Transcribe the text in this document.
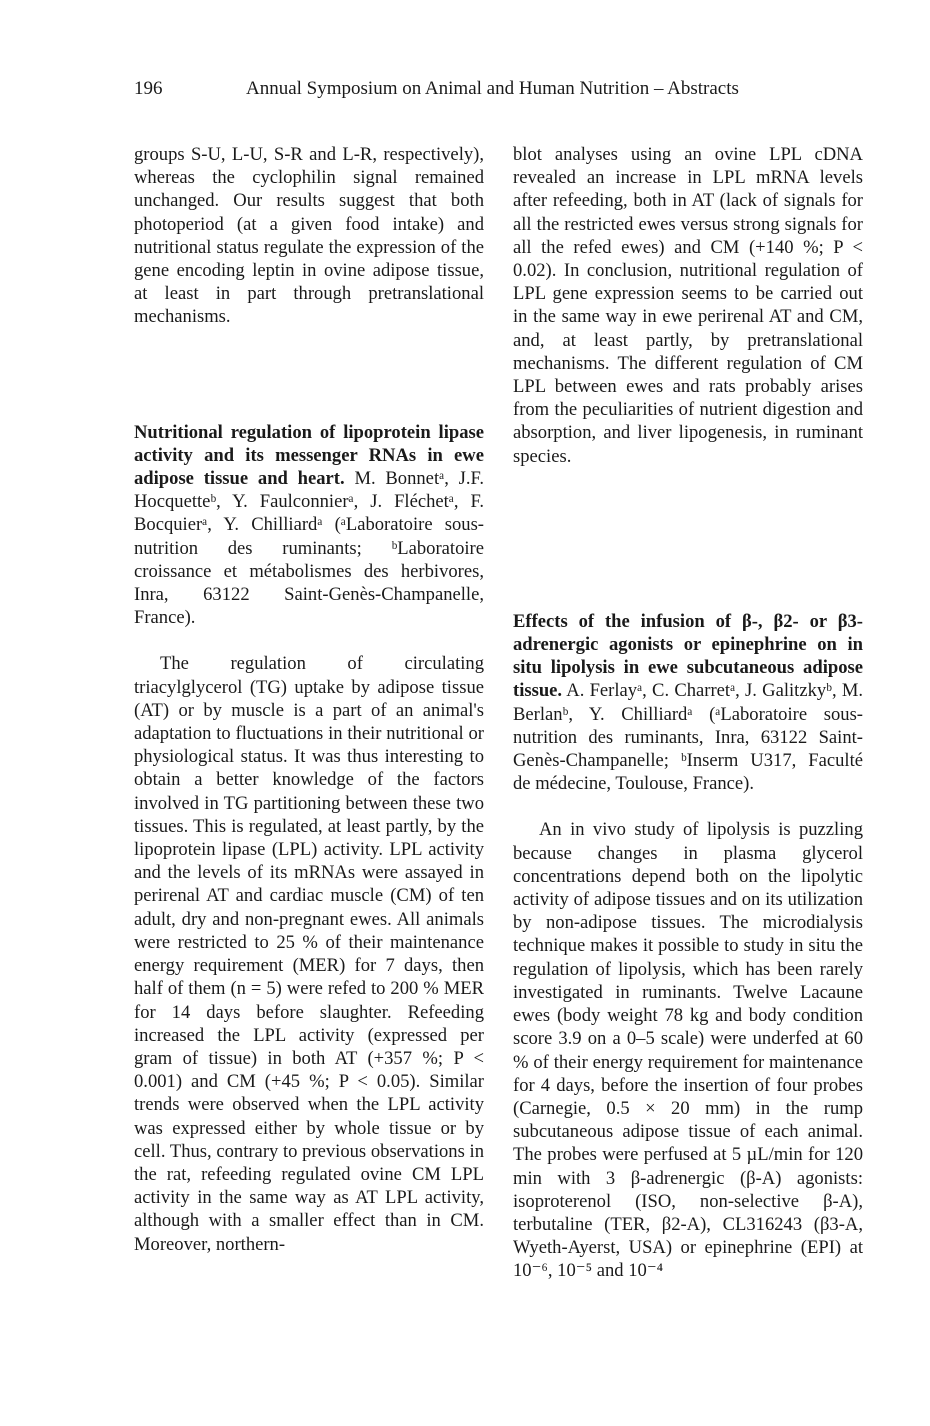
196	Annual Symposium on Animal and Human Nutrition – Abstracts

groups S-U, L-U, S-R and L-R, respectively), whereas the cyclophilin signal remained unchanged. Our results suggest that both photoperiod (at a given food intake) and nutritional status regulate the expression of the gene encoding leptin in ovine adipose tissue, at least in part through pretranslational mechanisms.

Nutritional regulation of lipoprotein lipase activity and its messenger RNAs in ewe adipose tissue and heart. M. Bonnetᵃ, J.F. Hocquetteᵇ, Y. Faulconnierᵃ, J. Fléchetᵃ, F. Bocquierᵃ, Y. Chilliardᵃ (ᵃLaboratoire sous-nutrition des ruminants; ᵇLaboratoire croissance et métabolismes des herbivores, Inra, 63122 Saint-Genès-Champanelle, France).

The regulation of circulating triacylglycerol (TG) uptake by adipose tissue (AT) or by muscle is a part of an animal's adaptation to fluctuations in their nutritional or physiological status. It was thus interesting to obtain a better knowledge of the factors involved in TG partitioning between these two tissues. This is regulated, at least partly, by the lipoprotein lipase (LPL) activity. LPL activity and the levels of its mRNAs were assayed in perirenal AT and cardiac muscle (CM) of ten adult, dry and non-pregnant ewes. All animals were restricted to 25 % of their maintenance energy requirement (MER) for 7 days, then half of them (n = 5) were refed to 200 % MER for 14 days before slaughter. Refeeding increased the LPL activity (expressed per gram of tissue) in both AT (+357 %; P < 0.001) and CM (+45 %; P < 0.05). Similar trends were observed when the LPL activity was expressed either by whole tissue or by cell. Thus, contrary to previous observations in the rat, refeeding regulated ovine CM LPL activity in the same way as AT LPL activity, although with a smaller effect than in CM. Moreover, northern-

blot analyses using an ovine LPL cDNA revealed an increase in LPL mRNA levels after refeeding, both in AT (lack of signals for all the restricted ewes versus strong signals for all the refed ewes) and CM (+140 %; P < 0.02). In conclusion, nutritional regulation of LPL gene expression seems to be carried out in the same way in ewe perirenal AT and CM, and, at least partly, by pretranslational mechanisms. The different regulation of CM LPL between ewes and rats probably arises from the peculiarities of nutrient digestion and absorption, and liver lipogenesis, in ruminant species.

Effects of the infusion of β-, β2- or β3-adrenergic agonists or epinephrine on in situ lipolysis in ewe subcutaneous adipose tissue. A. Ferlayᵃ, C. Charretᵃ, J. Galitzkyᵇ, M. Berlanᵇ, Y. Chilliardᵃ (ᵃLaboratoire sous-nutrition des ruminants, Inra, 63122 Saint-Genès-Champanelle; ᵇInserm U317, Faculté de médecine, Toulouse, France).

An in vivo study of lipolysis is puzzling because changes in plasma glycerol concentrations depend both on the lipolytic activity of adipose tissues and on its utilization by non-adipose tissues. The microdialysis technique makes it possible to study in situ the regulation of lipolysis, which has been rarely investigated in ruminants. Twelve Lacaune ewes (body weight 78 kg and body condition score 3.9 on a 0–5 scale) were underfed at 60 % of their energy requirement for maintenance for 4 days, before the insertion of four probes (Carnegie, 0.5 × 20 mm) in the rump subcutaneous adipose tissue of each animal. The probes were perfused at 5 µL/min for 120 min with 3 β-adrenergic (β-A) agonists: isoproterenol (ISO, non-selective β-A), terbutaline (TER, β2-A), CL316243 (β3-A, Wyeth-Ayerst, USA) or epinephrine (EPI) at 10⁻⁶, 10⁻⁵ and 10⁻⁴
